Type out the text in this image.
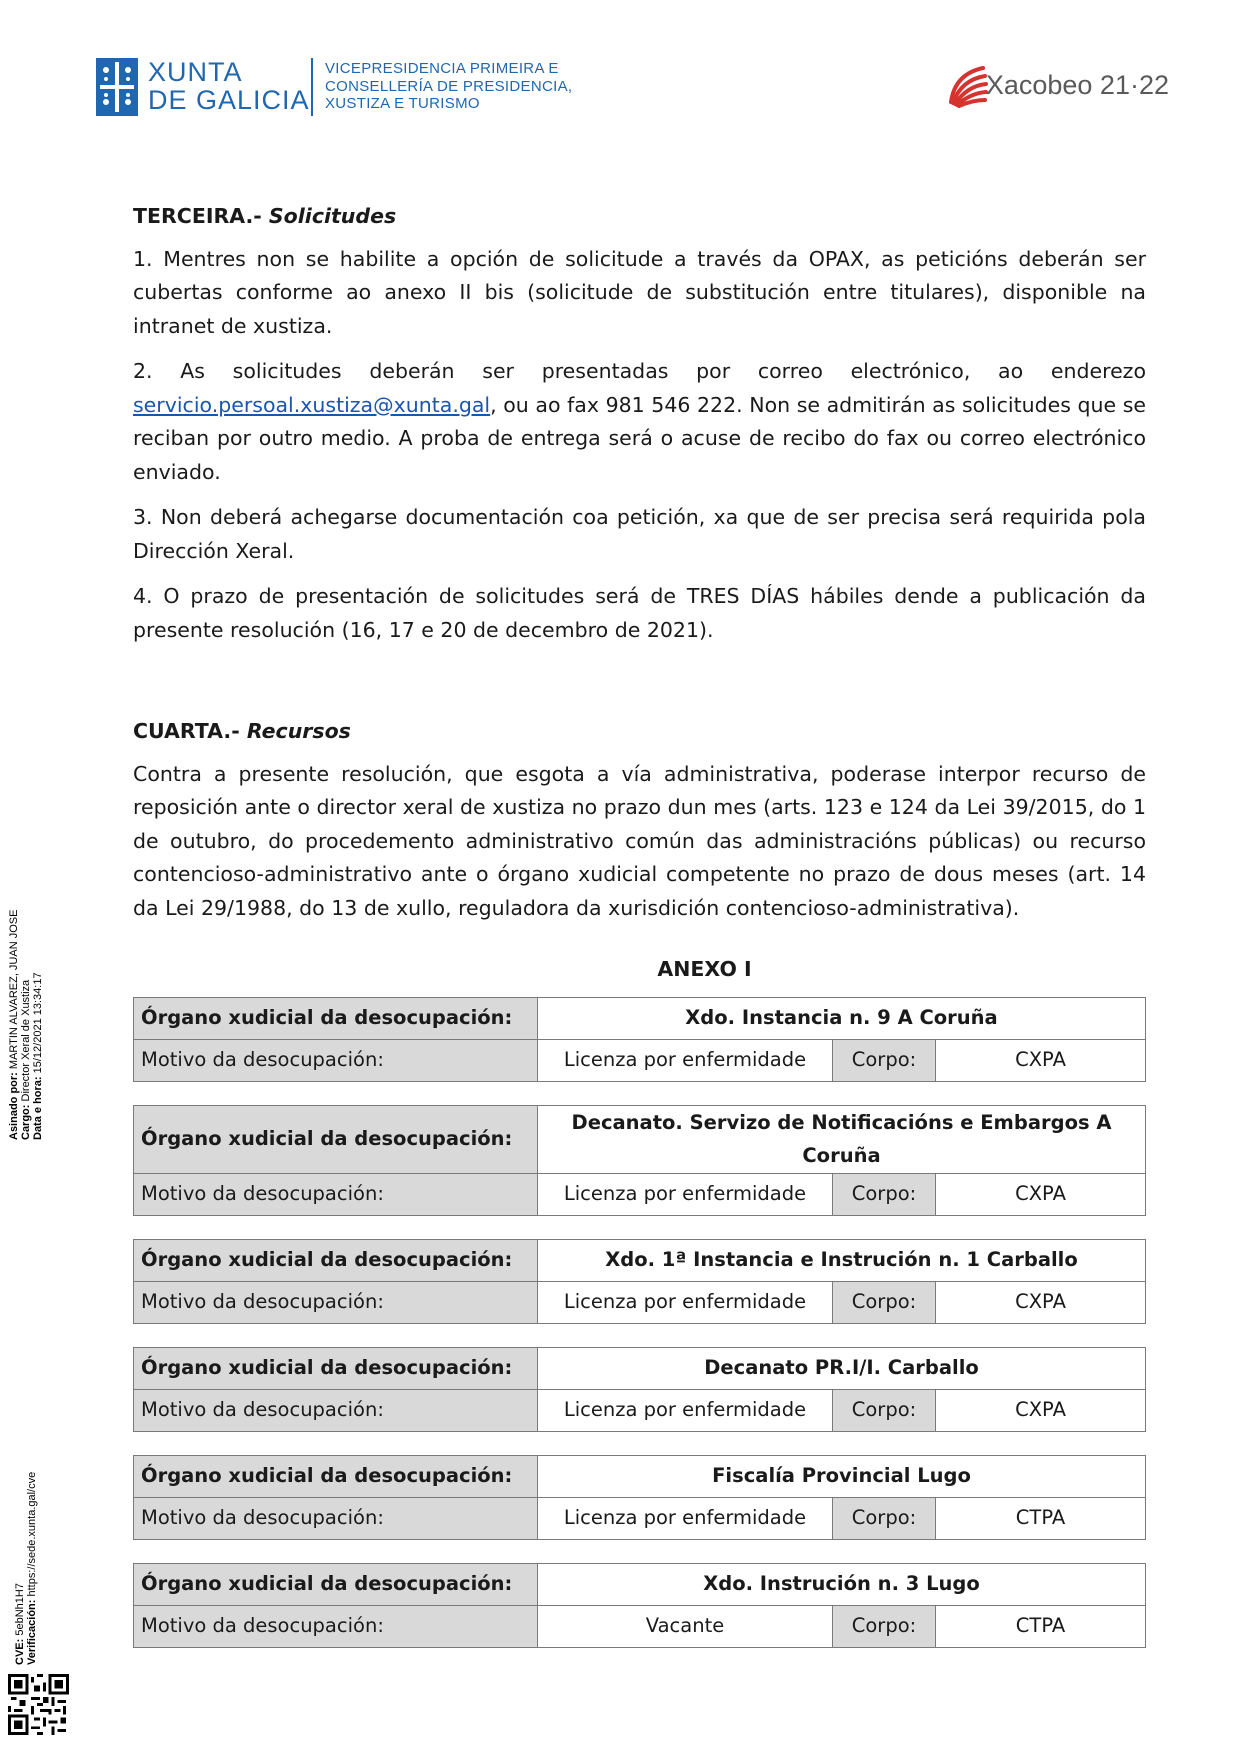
XUNTA
DE GALICIA
VICEPRESIDENCIA PRIMEIRA E
CONSELLERÍA DE PRESIDENCIA,
XUSTIZA E TURISMO
Xacobeo 21·22
TERCEIRA.- Solicitudes

1. Mentres non se habilite a opción de solicitude a través da OPAX, as peticións deberán ser cubertas conforme ao anexo II bis (solicitude de substitución entre titulares), disponible na intranet de xustiza.

2. As solicitudes deberán ser presentadas por correo electrónico, ao enderezo servicio.persoal.xustiza@xunta.gal, ou ao fax 981 546 222. Non se admitirán as solicitudes que se reciban por outro medio. A proba de entrega será o acuse de recibo do fax ou correo electrónico enviado.

3. Non deberá achegarse documentación coa petición, xa que de ser precisa será requirida pola Dirección Xeral.

4. O prazo de presentación de solicitudes será de TRES DÍAS hábiles dende a publicación da presente resolución (16, 17 e 20 de decembro de 2021).

CUARTA.- Recursos

Contra a presente resolución, que esgota a vía administrativa, poderase interpor recurso de reposición ante o director xeral de xustiza no prazo dun mes (arts. 123 e 124 da Lei 39/2015, do 1 de outubro, do procedemento administrativo común das administracións públicas) ou recurso contencioso-administrativo ante o órgano xudicial competente no prazo de dous meses (art. 14 da Lei 29/1988, do 13 de xullo, reguladora da xurisdición contencioso-administrativa).

ANEXO I
Órgano xudicial da desocupación:	Xdo. Instancia n. 9 A Coruña		
Motivo da desocupación:	Licenza por enfermidade	Corpo:	CXPA
Órgano xudicial da desocupación:	Decanato. Servizo de Notificacións e Embargos A Coruña		
Motivo da desocupación:	Licenza por enfermidade	Corpo:	CXPA
Órgano xudicial da desocupación:	Xdo. 1ª Instancia e Instrución n. 1 Carballo		
Motivo da desocupación:	Licenza por enfermidade	Corpo:	CXPA
Órgano xudicial da desocupación:	Decanato PR.I/I. Carballo		
Motivo da desocupación:	Licenza por enfermidade	Corpo:	CXPA
Órgano xudicial da desocupación:	Fiscalía Provincial Lugo		
Motivo da desocupación:	Licenza por enfermidade	Corpo:	CTPA
Órgano xudicial da desocupación:	Xdo. Instrución n. 3 Lugo		
Motivo da desocupación:	Vacante	Corpo:	CTPA
Asinado por: MARTIN ALVAREZ, JUAN JOSE
Cargo: Director Xeral de Xustiza
Data e hora: 15/12/2021 13:34:17
CVE: 5ebNh1H7 Verificación: https://sede.xunta.gal/cve
